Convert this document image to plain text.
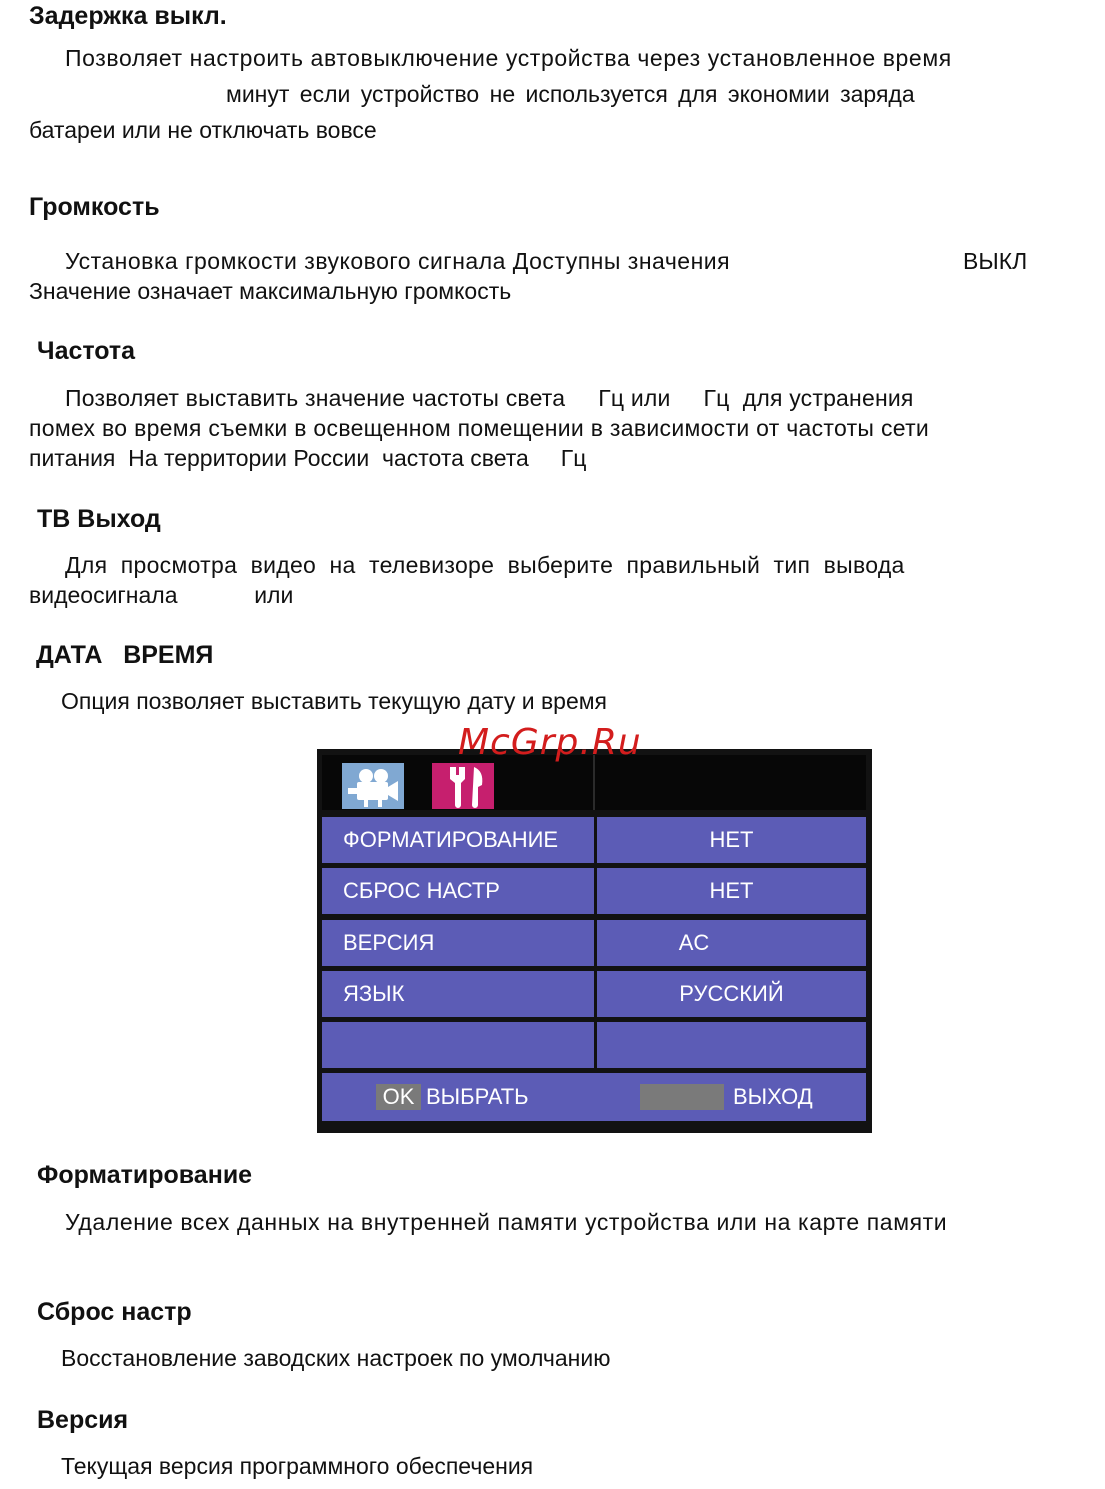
Задержка выкл.
Позволяет настроить автовыключение устройства через установленное время
минут если устройство не используется для экономии заряда
батареи или не отключать вовсе
Громкость
Установка громкости звукового сигнала Доступны значения	ВЫКЛ
Значение означает максимальную громкость
Частота
Позволяет выставить значение частоты света     Гц или     Гц  для устранения
помех во время съемки в освещенном помещении в зависимости от частоты сети
питания  На территории России  частота света     Гц
ТВ Выход
Для  просмотра  видео  на  телевизоре  выберите  правильный  тип  вывода
видеосигнала            или
ДАТА   ВРЕМЯ
Опция позволяет выставить текущую дату и время
ФОРМАТИРОВАНИЕ	НЕТ
СБРОС НАСТР	НЕТ
ВЕРСИЯ	AC
ЯЗЫК	РУССКИЙ
OK ВЫБРАТЬ	ВЫХОД
McGrp.Ru
Форматирование
Удаление всех данных на внутренней памяти устройства или на карте памяти
Сброс настр
Восстановление заводских настроек по умолчанию
Версия
Текущая версия программного обеспечения
